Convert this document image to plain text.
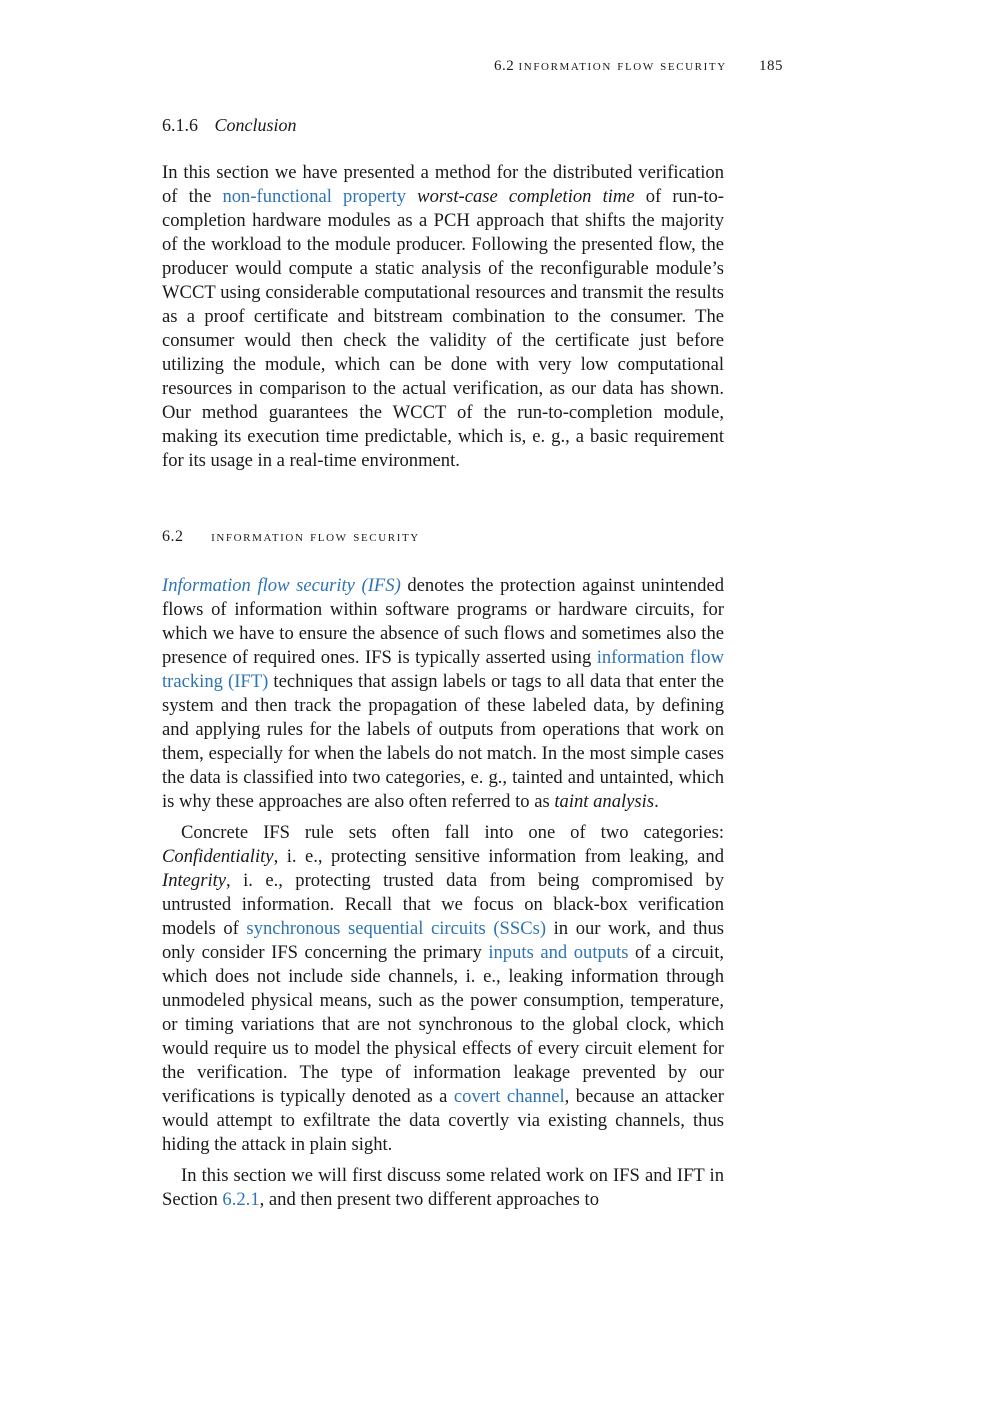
6.2 information flow security 185
6.1.6 Conclusion

In this section we have presented a method for the distributed verification of the non-functional property worst-case completion time of run-to-completion hardware modules as a PCH approach that shifts the majority of the workload to the module producer. Following the presented flow, the producer would compute a static analysis of the reconfigurable module’s WCCT using considerable computational resources and transmit the results as a proof certificate and bitstream combination to the consumer. The consumer would then check the validity of the certificate just before utilizing the module, which can be done with very low computational resources in comparison to the actual verification, as our data has shown. Our method guarantees the WCCT of the run-to-completion module, making its execution time predictable, which is, e. g., a basic requirement for its usage in a real-time environment.

6.2 information flow security

Information flow security (IFS) denotes the protection against unintended flows of information within software programs or hardware circuits, for which we have to ensure the absence of such flows and sometimes also the presence of required ones. IFS is typically asserted using information flow tracking (IFT) techniques that assign labels or tags to all data that enter the system and then track the propagation of these labeled data, by defining and applying rules for the labels of outputs from operations that work on them, especially for when the labels do not match. In the most simple cases the data is classified into two categories, e. g., tainted and untainted, which is why these approaches are also often referred to as taint analysis.

Concrete IFS rule sets often fall into one of two categories: Confidentiality, i. e., protecting sensitive information from leaking, and Integrity, i. e., protecting trusted data from being compromised by untrusted information. Recall that we focus on black-box verification models of synchronous sequential circuits (SSCs) in our work, and thus only consider IFS concerning the primary inputs and outputs of a circuit, which does not include side channels, i. e., leaking information through unmodeled physical means, such as the power consumption, temperature, or timing variations that are not synchronous to the global clock, which would require us to model the physical effects of every circuit element for the verification. The type of information leakage prevented by our verifications is typically denoted as a covert channel, because an attacker would attempt to exfiltrate the data covertly via existing channels, thus hiding the attack in plain sight.

In this section we will first discuss some related work on IFS and IFT in Section 6.2.1, and then present two different approaches to
